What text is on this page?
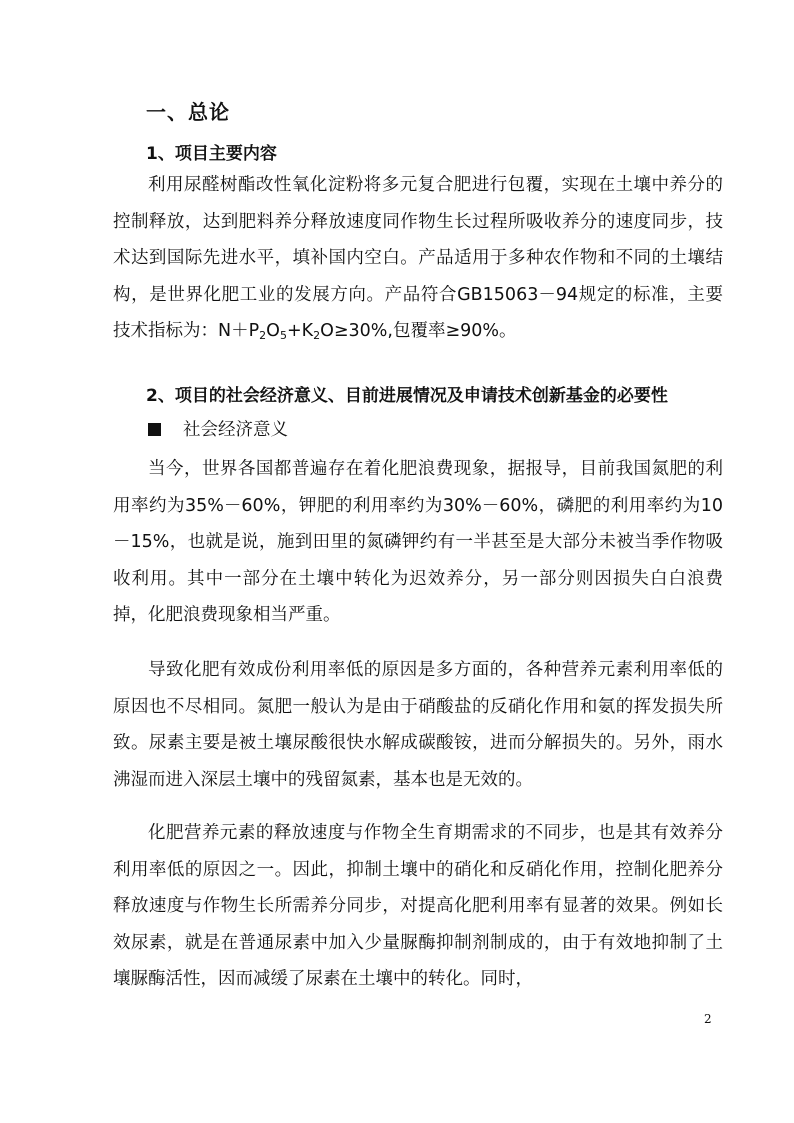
一、总论
1、项目主要内容

利用尿醛树酯改性氧化淀粉将多元复合肥进行包覆，实现在土壤中养分的控制释放，达到肥料养分释放速度同作物生长过程所吸收养分的速度同步，技术达到国际先进水平，填补国内空白。产品适用于多种农作物和不同的土壤结构，是世界化肥工业的发展方向。产品符合GB15063－94规定的标准，主要技术指标为：$N+P_2O_5+K_2O\ge 30\%$,包覆率≥90%。

2、项目的社会经济意义、目前进展情况及申请技术创新基金的必要性
社会经济意义

当今，世界各国都普遍存在着化肥浪费现象，据报导，目前我国氮肥的利用率约为35%－60%，钾肥的利用率约为30%－60%，磷肥的利用率约为10－15%，也就是说，施到田里的氮磷钾约有一半甚至是大部分未被当季作物吸收利用。其中一部分在土壤中转化为迟效养分，另一部分则因损失白白浪费掉，化肥浪费现象相当严重。

导致化肥有效成份利用率低的原因是多方面的，各种营养元素利用率低的原因也不尽相同。氮肥一般认为是由于硝酸盐的反硝化作用和氨的挥发损失所致。尿素主要是被土壤尿酸很快水解成碳酸铵，进而分解损失的。另外，雨水沸湿而进入深层土壤中的残留氮素，基本也是无效的。

化肥营养元素的释放速度与作物全生育期需求的不同步，也是其有效养分利用率低的原因之一。因此，抑制土壤中的硝化和反硝化作用，控制化肥养分释放速度与作物生长所需养分同步，对提高化肥利用率有显著的效果。例如长效尿素，就是在普通尿素中加入少量脲酶抑制剂制成的，由于有效地抑制了土壤脲酶活性，因而减缓了尿素在土壤中的转化。同时，

2
